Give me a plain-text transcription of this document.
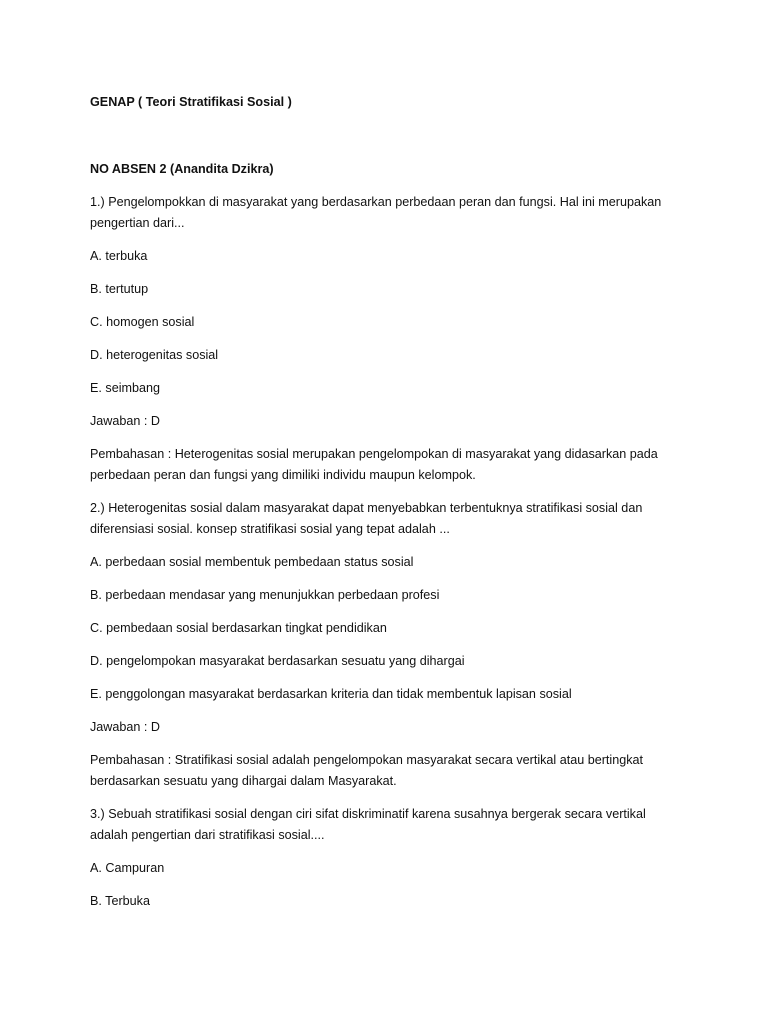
GENAP ( Teori Stratifikasi Sosial )

NO ABSEN 2 (Anandita Dzikra)

1.) Pengelompokkan di masyarakat yang berdasarkan perbedaan peran dan fungsi. Hal ini merupakan pengertian dari...

A. terbuka

B. tertutup

C. homogen sosial

D. heterogenitas sosial

E. seimbang

Jawaban : D

Pembahasan : Heterogenitas sosial merupakan pengelompokan di masyarakat yang didasarkan pada perbedaan peran dan fungsi yang dimiliki individu maupun kelompok.

2.) Heterogenitas sosial dalam masyarakat dapat menyebabkan terbentuknya stratifikasi sosial dan diferensiasi sosial. konsep stratifikasi sosial yang tepat adalah ...

A. perbedaan sosial membentuk pembedaan status sosial

B. perbedaan mendasar yang menunjukkan perbedaan profesi

C. pembedaan sosial berdasarkan tingkat pendidikan

D. pengelompokan masyarakat berdasarkan sesuatu yang dihargai

E. penggolongan masyarakat berdasarkan kriteria dan tidak membentuk lapisan sosial

Jawaban : D

Pembahasan : Stratifikasi sosial adalah pengelompokan masyarakat secara vertikal atau bertingkat berdasarkan sesuatu yang dihargai dalam Masyarakat.

3.) Sebuah stratifikasi sosial dengan ciri sifat diskriminatif karena susahnya bergerak secara vertikal adalah pengertian dari stratifikasi sosial....

A. Campuran

B. Terbuka
